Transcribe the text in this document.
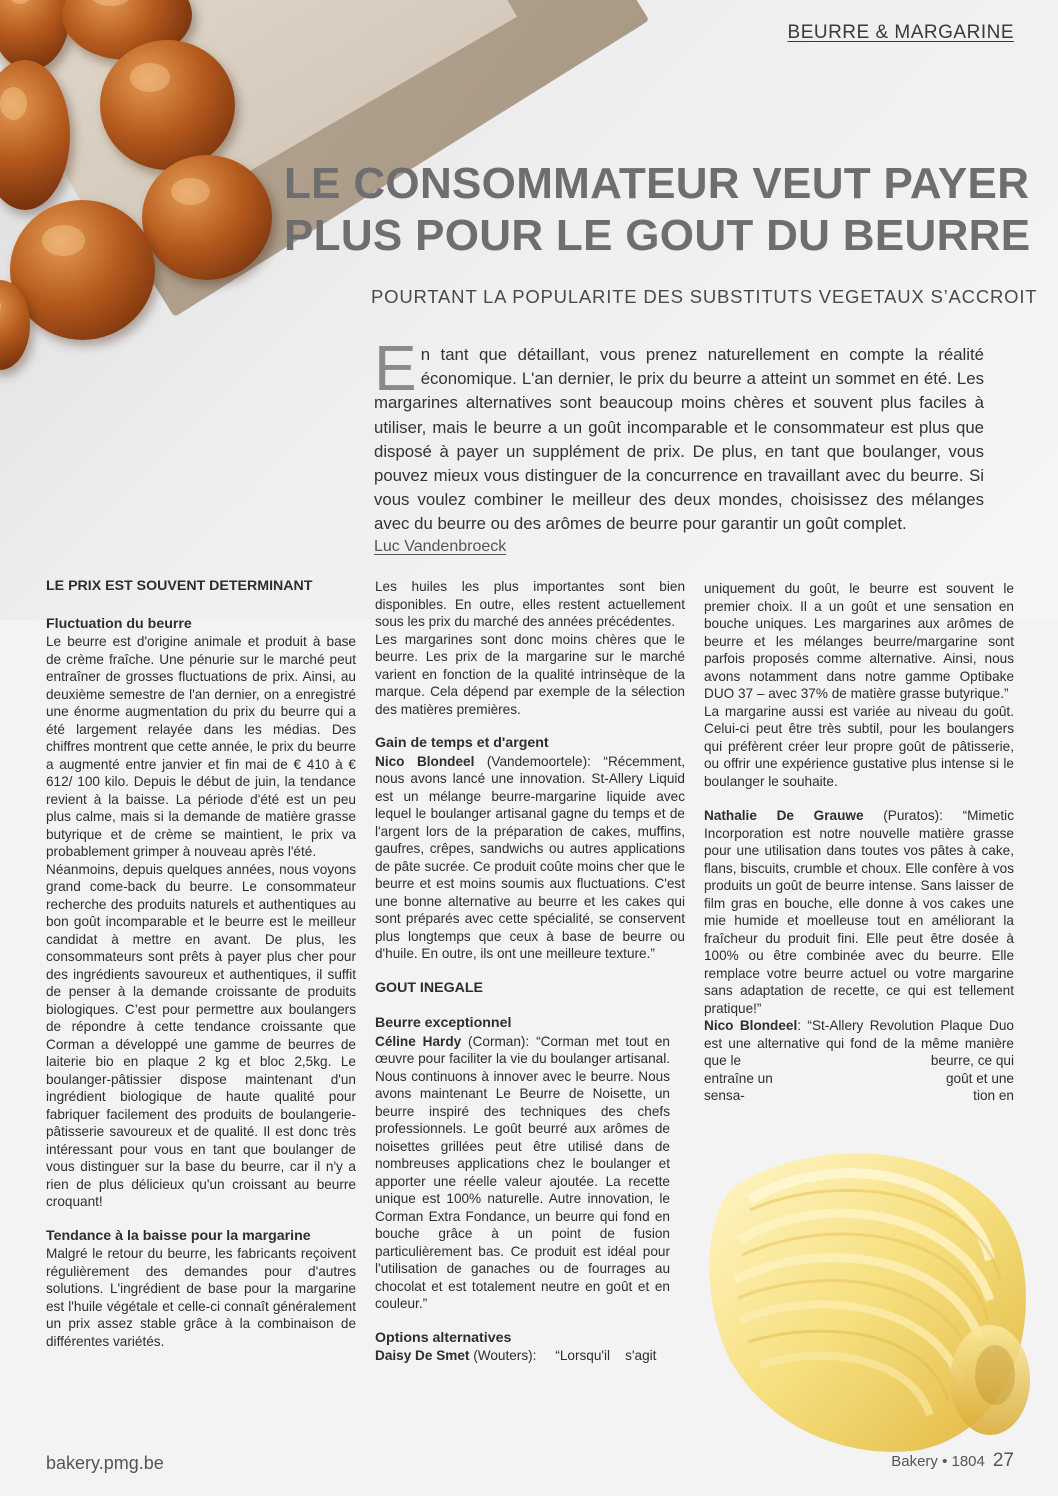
BEURRE & MARGARINE
LE CONSOMMATEUR VEUT PAYER
PLUS POUR LE GOUT DU BEURRE
POURTANT LA POPULARITE DES SUBSTITUTS VEGETAUX S’ACCROIT
En tant que détaillant, vous prenez naturellement en compte la réalité économique. L'an dernier, le prix du beurre a atteint un sommet en été. Les margarines alternatives sont beaucoup moins chères et souvent plus faciles à utiliser, mais le beurre a un goût incomparable et le consommateur est plus que disposé à payer un supplément de prix. De plus, en tant que boulanger, vous pouvez mieux vous distinguer de la concurrence en travaillant avec du beurre. Si vous voulez combiner le meilleur des deux mondes, choisissez des mélanges avec du beurre ou des arômes de beurre pour garantir un goût complet.
Luc Vandenbroeck

LE PRIX EST SOUVENT DETERMINANT

Fluctuation du beurre

Le beurre est d'origine animale et produit à base de crème fraîche. Une pénurie sur le marché peut entraîner de grosses fluctuations de prix. Ainsi, au deuxième semestre de l'an dernier, on a enregistré une énorme augmentation du prix du beurre qui a été largement relayée dans les médias. Des chiffres montrent que cette année, le prix du beurre a augmenté entre janvier et fin mai de € 410 à € 612/ 100 kilo. Depuis le début de juin, la tendance revient à la baisse. La période d'été est un peu plus calme, mais si la demande de matière grasse butyrique et de crème se maintient, le prix va probablement grimper à nouveau après l'été.

Néanmoins, depuis quelques années, nous voyons grand come-back du beurre. Le consommateur recherche des produits naturels et authentiques au bon goût incomparable et le beurre est le meilleur candidat à mettre en avant. De plus, les consommateurs sont prêts à payer plus cher pour des ingrédients savoureux et authentiques, il suffit de penser à la demande croissante de produits biologiques. C’est pour permettre aux boulangers de répondre à cette tendance croissante que Corman a développé une gamme de beurres de laiterie bio en plaque 2 kg et bloc 2,5kg. Le boulanger-pâtissier dispose maintenant d'un ingrédient biologique de haute qualité pour fabriquer facilement des produits de boulangerie-pâtisserie savoureux et de qualité. Il est donc très intéressant pour vous en tant que boulanger de vous distinguer sur la base du beurre, car il n'y a rien de plus délicieux qu'un croissant au beurre croquant!

Tendance à la baisse pour la margarine

Malgré le retour du beurre, les fabricants reçoivent régulièrement des demandes pour d'autres solutions. L'ingrédient de base pour la margarine est l'huile végétale et celle-ci connaît généralement un prix assez stable grâce à la combinaison de différentes variétés.

Les huiles les plus importantes sont bien disponibles. En outre, elles restent actuellement sous les prix du marché des années précédentes.

Les margarines sont donc moins chères que le beurre. Les prix de la margarine sur le marché varient en fonction de la qualité intrinsèque de la marque. Cela dépend par exemple de la sélection des matières premières.

Gain de temps et d'argent

Nico Blondeel (Vandemoortele): “Récemment, nous avons lancé une innovation. St-Allery Liquid est un mélange beurre-margarine liquide avec lequel le boulanger artisanal gagne du temps et de l'argent lors de la préparation de cakes, muffins, gaufres, crêpes, sandwichs ou autres applications de pâte sucrée. Ce produit coûte moins cher que le beurre et est moins soumis aux fluctuations. C'est une bonne alternative au beurre et les cakes qui sont préparés avec cette spécialité, se conservent plus longtemps que ceux à base de beurre ou d'huile. En outre, ils ont une meilleure texture.”

GOUT INEGALE

Beurre exceptionnel

Céline Hardy (Corman): “Corman met tout en œuvre pour faciliter la vie du boulanger artisanal. Nous continuons à innover avec le beurre. Nous avons maintenant Le Beurre de Noisette, un beurre inspiré des techniques des chefs professionnels. Le goût beurré aux arômes de noisettes grillées peut être utilisé dans de nombreuses applications chez le boulanger et apporter une réelle valeur ajoutée. La recette unique est 100% naturelle. Autre innovation, le Corman Extra Fondance, un beurre qui fond en bouche grâce à un point de fusion particulièrement bas. Ce produit est idéal pour l'utilisation de ganaches ou de fourrages au chocolat et est totalement neutre en goût et en couleur.”

Options alternatives

Daisy De Smet (Wouters):     “Lorsqu'il    s'agit

uniquement du goût, le beurre est souvent le premier choix. Il a un goût et une sensation en bouche uniques. Les margarines aux arômes de beurre et les mélanges beurre/margarine sont parfois proposés comme alternative. Ainsi, nous avons notamment dans notre gamme Optibake DUO 37 – avec 37% de matière grasse butyrique.”

La margarine aussi est variée au niveau du goût. Celui-ci peut être très subtil, pour les boulangers qui préfèrent créer leur propre goût de pâtisserie, ou offrir une expérience gustative plus intense si le boulanger le souhaite.

Nathalie De Grauwe (Puratos): “Mimetic Incorporation est notre nouvelle matière grasse pour une utilisation dans toutes vos pâtes à cake, flans, biscuits, crumble et choux. Elle confère à vos produits un goût de beurre intense. Sans laisser de film gras en bouche, elle donne à vos cakes une mie humide et moelleuse tout en améliorant la fraîcheur du produit fini. Elle peut être dosée à 100% ou être combinée avec du beurre. Elle remplace votre beurre actuel ou votre margarine sans adaptation de recette, ce qui est tellement pratique!”

Nico Blondeel: “St-Allery Revolution Plaque Duo est une alternative qui fond de la même manière que le	beurre, ce qui

entraîne un	goût et une

sensa-	tion en

bakery.pmg.be	Bakery • 1804 27
